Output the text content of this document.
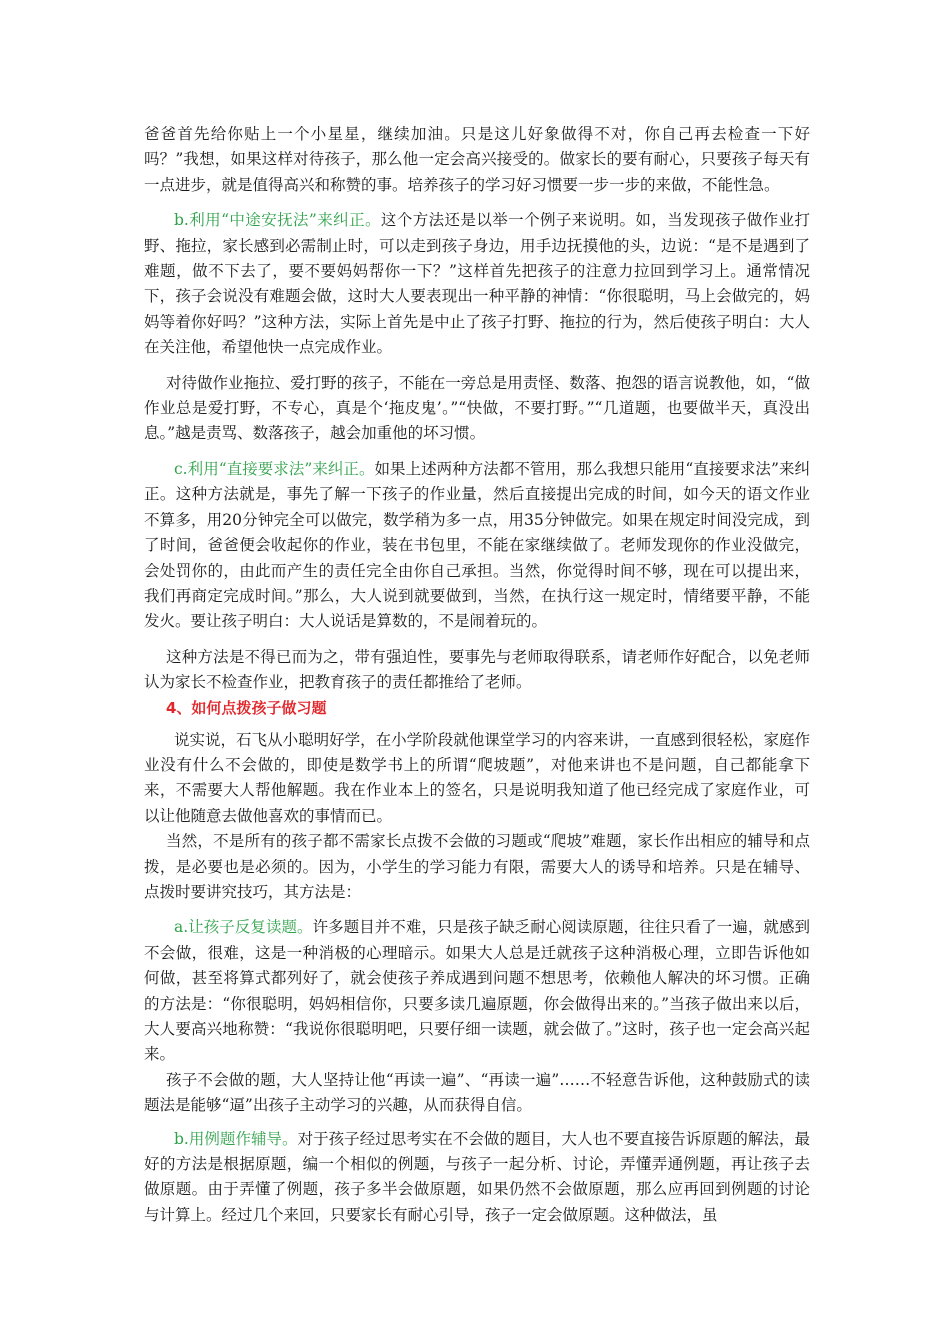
爸爸首先给你贴上一个小星星，继续加油。只是这儿好象做得不对，你自己再去检查一下好吗？”我想，如果这样对待孩子，那么他一定会高兴接受的。做家长的要有耐心，只要孩子每天有一点进步，就是值得高兴和称赞的事。培养孩子的学习好习惯要一步一步的来做，不能性急。

b.利用“中途安抚法”来纠正。这个方法还是以举一个例子来说明。如，当发现孩子做作业打野、拖拉，家长感到必需制止时，可以走到孩子身边，用手边抚摸他的头，边说：“是不是遇到了难题，做不下去了，要不要妈妈帮你一下？”这样首先把孩子的注意力拉回到学习上。通常情况下，孩子会说没有难题会做，这时大人要表现出一种平静的神情：“你很聪明，马上会做完的，妈妈等着你好吗？”这种方法，实际上首先是中止了孩子打野、拖拉的行为，然后使孩子明白：大人在关注他，希望他快一点完成作业。

对待做作业拖拉、爱打野的孩子，不能在一旁总是用责怪、数落、抱怨的语言说教他，如，“做作业总是爱打野，不专心，真是个‘拖皮鬼’。”“快做，不要打野。”“几道题，也要做半天，真没出息。”越是责骂、数落孩子，越会加重他的坏习惯。

c.利用“直接要求法”来纠正。如果上述两种方法都不管用，那么我想只能用“直接要求法”来纠正。这种方法就是，事先了解一下孩子的作业量，然后直接提出完成的时间，如今天的语文作业不算多，用20分钟完全可以做完，数学稍为多一点，用35分钟做完。如果在规定时间没完成，到了时间，爸爸便会收起你的作业，装在书包里，不能在家继续做了。老师发现你的作业没做完，会处罚你的，由此而产生的责任完全由你自己承担。当然，你觉得时间不够，现在可以提出来，我们再商定完成时间。”那么，大人说到就要做到，当然，在执行这一规定时，情绪要平静，不能发火。要让孩子明白：大人说话是算数的，不是闹着玩的。

这种方法是不得已而为之，带有强迫性，要事先与老师取得联系，请老师作好配合，以免老师认为家长不检查作业，把教育孩子的责任都推给了老师。

4、如何点拨孩子做习题

说实说，石飞从小聪明好学，在小学阶段就他课堂学习的内容来讲，一直感到很轻松，家庭作业没有什么不会做的，即使是数学书上的所谓“爬坡题”，对他来讲也不是问题，自己都能拿下来，不需要大人帮他解题。我在作业本上的签名，只是说明我知道了他已经完成了家庭作业，可以让他随意去做他喜欢的事情而已。

当然，不是所有的孩子都不需家长点拨不会做的习题或“爬坡”难题，家长作出相应的辅导和点拨，是必要也是必须的。因为，小学生的学习能力有限，需要大人的诱导和培养。只是在辅导、点拨时要讲究技巧，其方法是：

a.让孩子反复读题。许多题目并不难，只是孩子缺乏耐心阅读原题，往往只看了一遍，就感到不会做，很难，这是一种消极的心理暗示。如果大人总是迁就孩子这种消极心理，立即告诉他如何做，甚至将算式都列好了，就会使孩子养成遇到问题不想思考，依赖他人解决的坏习惯。正确的方法是：“你很聪明，妈妈相信你，只要多读几遍原题，你会做得出来的。”当孩子做出来以后，大人要高兴地称赞：“我说你很聪明吧，只要仔细一读题，就会做了。”这时，孩子也一定会高兴起来。

孩子不会做的题，大人坚持让他“再读一遍”、“再读一遍”……不轻意告诉他，这种鼓励式的读题法是能够“逼”出孩子主动学习的兴趣，从而获得自信。

b.用例题作辅导。对于孩子经过思考实在不会做的题目，大人也不要直接告诉原题的解法，最好的方法是根据原题，编一个相似的例题，与孩子一起分析、讨论，弄懂弄通例题，再让孩子去做原题。由于弄懂了例题，孩子多半会做原题，如果仍然不会做原题，那么应再回到例题的讨论与计算上。经过几个来回，只要家长有耐心引导，孩子一定会做原题。这种做法，虽
